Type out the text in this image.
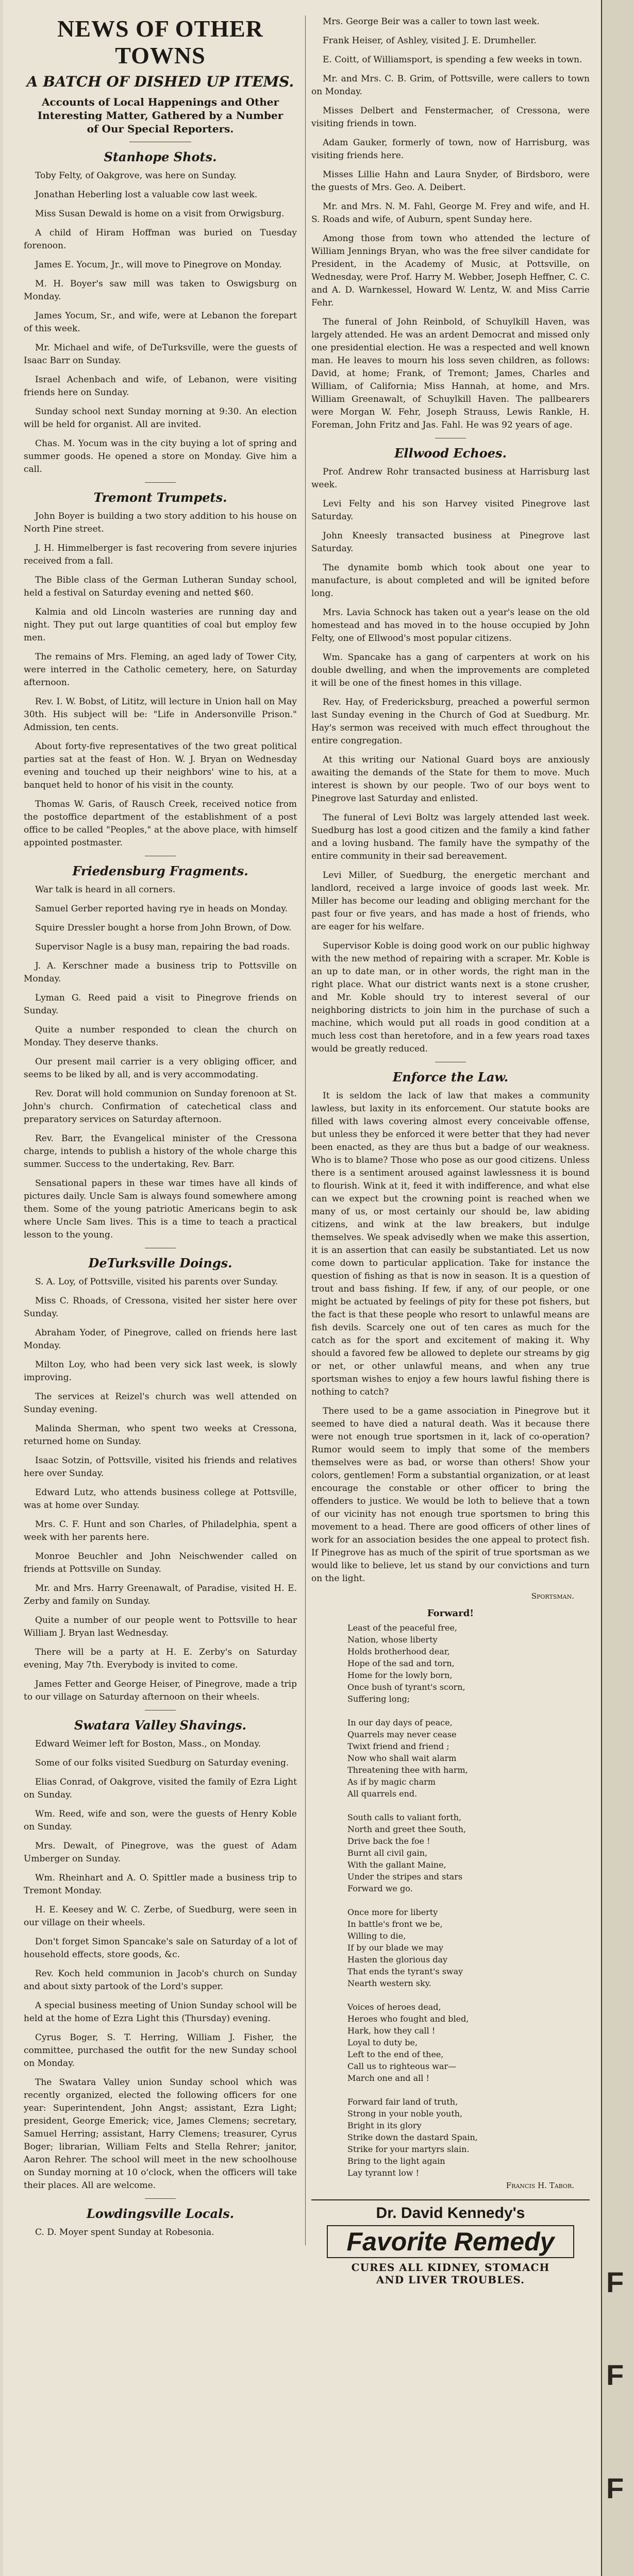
NEWS OF OTHER TOWNS
A BATCH OF DISHED UP ITEMS.
Accounts of Local Happenings and Other Interesting Matter, Gathered by a Number of Our Special Reporters.
Stanhope Shots.

Toby Felty, of Oakgrove, was here on Sunday.

Jonathan Heberling lost a valuable cow last week.

Miss Susan Dewald is home on a visit from Orwigsburg.

A child of Hiram Hoffman was buried on Tuesday forenoon.

James E. Yocum, Jr., will move to Pinegrove on Monday.

M. H. Boyer's saw mill was taken to Oswigsburg on Monday.

James Yocum, Sr., and wife, were at Lebanon the forepart of this week.

Mr. Michael and wife, of DeTurksville, were the guests of Isaac Barr on Sunday.

Israel Achenbach and wife, of Lebanon, were visiting friends here on Sunday.

Sunday school next Sunday morning at 9:30. An election will be held for organist. All are invited.

Chas. M. Yocum was in the city buying a lot of spring and summer goods. He opened a store on Monday. Give him a call.

Tremont Trumpets.

John Boyer is building a two story addition to his house on North Pine street.

J. H. Himmelberger is fast recovering from severe injuries received from a fall.

The Bible class of the German Lutheran Sunday school, held a festival on Saturday evening and netted $60.

Kalmia and old Lincoln wasteries are running day and night. They put out large quantities of coal but employ few men.

The remains of Mrs. Fleming, an aged lady of Tower City, were interred in the Catholic cemetery, here, on Saturday afternoon.

Rev. I. W. Bobst, of Lititz, will lecture in Union hall on May 30th. His subject will be: "Life in Andersonville Prison." Admission, ten cents.

About forty-five representatives of the two great political parties sat at the feast of Hon. W. J. Bryan on Wednesday evening and touched up their neighbors' wine to his, at a banquet held to honor of his visit in the county.

Thomas W. Garis, of Rausch Creek, received notice from the postoffice department of the establishment of a post office to be called "Peoples," at the above place, with himself appointed postmaster.

Friedensburg Fragments.

War talk is heard in all corners.

Samuel Gerber reported having rye in heads on Monday.

Squire Dressler bought a horse from John Brown, of Dow.

Supervisor Nagle is a busy man, repairing the bad roads.

J. A. Kerschner made a business trip to Pottsville on Monday.

Lyman G. Reed paid a visit to Pinegrove friends on Sunday.

Quite a number responded to clean the church on Monday. They deserve thanks.

Our present mail carrier is a very obliging officer, and seems to be liked by all, and is very accommodating.

Rev. Dorat will hold communion on Sunday forenoon at St. John's church. Confirmation of catechetical class and preparatory services on Saturday afternoon.

Rev. Barr, the Evangelical minister of the Cressona charge, intends to publish a history of the whole charge this summer. Success to the undertaking, Rev. Barr.

Sensational papers in these war times have all kinds of pictures daily. Uncle Sam is always found somewhere among them. Some of the young patriotic Americans begin to ask where Uncle Sam lives. This is a time to teach a practical lesson to the young.

DeTurksville Doings.

S. A. Loy, of Pottsville, visited his parents over Sunday.

Miss C. Rhoads, of Cressona, visited her sister here over Sunday.

Abraham Yoder, of Pinegrove, called on friends here last Monday.

Milton Loy, who had been very sick last week, is slowly improving.

The services at Reizel's church was well attended on Sunday evening.

Malinda Sherman, who spent two weeks at Cressona, returned home on Sunday.

Isaac Sotzin, of Pottsville, visited his friends and relatives here over Sunday.

Edward Lutz, who attends business college at Pottsville, was at home over Sunday.

Mrs. C. F. Hunt and son Charles, of Philadelphia, spent a week with her parents here.

Monroe Beuchler and John Neischwender called on friends at Pottsville on Sunday.

Mr. and Mrs. Harry Greenawalt, of Paradise, visited H. E. Zerby and family on Sunday.

Quite a number of our people went to Pottsville to hear William J. Bryan last Wednesday.

There will be a party at H. E. Zerby's on Saturday evening, May 7th. Everybody is invited to come.

James Fetter and George Heiser, of Pinegrove, made a trip to our village on Saturday afternoon on their wheels.

Swatara Valley Shavings.

Edward Weimer left for Boston, Mass., on Monday.

Some of our folks visited Suedburg on Saturday evening.

Elias Conrad, of Oakgrove, visited the family of Ezra Light on Sunday.

Wm. Reed, wife and son, were the guests of Henry Koble on Sunday.

Mrs. Dewalt, of Pinegrove, was the guest of Adam Umberger on Sunday.

Wm. Rheinhart and A. O. Spittler made a business trip to Tremont Monday.

H. E. Keesey and W. C. Zerbe, of Suedburg, were seen in our village on their wheels.

Don't forget Simon Spancake's sale on Saturday of a lot of household effects, store goods, &c.

Rev. Koch held communion in Jacob's church on Sunday and about sixty partook of the Lord's supper.

A special business meeting of Union Sunday school will be held at the home of Ezra Light this (Thursday) evening.

Cyrus Boger, S. T. Herring, William J. Fisher, the committee, purchased the outfit for the new Sunday school on Monday.

The Swatara Valley union Sunday school which was recently organized, elected the following officers for one year: Superintendent, John Angst; assistant, Ezra Light; president, George Emerick; vice, James Clemens; secretary, Samuel Herring; assistant, Harry Clemens; treasurer, Cyrus Boger; librarian, William Felts and Stella Rehrer; janitor, Aaron Rehrer. The school will meet in the new schoolhouse on Sunday morning at 10 o'clock, when the officers will take their places. All are welcome.

Lowdingsville Locals.

C. D. Moyer spent Sunday at Robesonia.

Mrs. George Beir was a caller to town last week.

Frank Heiser, of Ashley, visited J. E. Drumheller.

E. Coitt, of Williamsport, is spending a few weeks in town.

Mr. and Mrs. C. B. Grim, of Pottsville, were callers to town on Monday.

Misses Delbert and Fenstermacher, of Cressona, were visiting friends in town.

Adam Gauker, formerly of town, now of Harrisburg, was visiting friends here.

Misses Lillie Hahn and Laura Snyder, of Birdsboro, were the guests of Mrs. Geo. A. Deibert.

Mr. and Mrs. N. M. Fahl, George M. Frey and wife, and H. S. Roads and wife, of Auburn, spent Sunday here.

Among those from town who attended the lecture of William Jennings Bryan, who was the free silver candidate for President, in the Academy of Music, at Pottsville, on Wednesday, were Prof. Harry M. Webber, Joseph Heffner, C. C. and A. D. Warnkessel, Howard W. Lentz, W. and Miss Carrie Fehr.

The funeral of John Reinbold, of Schuylkill Haven, was largely attended. He was an ardent Democrat and missed only one presidential election. He was a respected and well known man. He leaves to mourn his loss seven children, as follows: David, at home; Frank, of Tremont; James, Charles and William, of California; Miss Hannah, at home, and Mrs. William Greenawalt, of Schuylkill Haven. The pallbearers were Morgan W. Fehr, Joseph Strauss, Lewis Rankle, H. Foreman, John Fritz and Jas. Fahl. He was 92 years of age.

Ellwood Echoes.

Prof. Andrew Rohr transacted business at Harrisburg last week.

Levi Felty and his son Harvey visited Pinegrove last Saturday.

John Kneesly transacted business at Pinegrove last Saturday.

The dynamite bomb which took about one year to manufacture, is about completed and will be ignited before long.

Mrs. Lavia Schnock has taken out a year's lease on the old homestead and has moved in to the house occupied by John Felty, one of Ellwood's most popular citizens.

Wm. Spancake has a gang of carpenters at work on his double dwelling, and when the improvements are completed it will be one of the finest homes in this village.

Rev. Hay, of Fredericksburg, preached a powerful sermon last Sunday evening in the Church of God at Suedburg. Mr. Hay's sermon was received with much effect throughout the entire congregation.

At this writing our National Guard boys are anxiously awaiting the demands of the State for them to move. Much interest is shown by our people. Two of our boys went to Pinegrove last Saturday and enlisted.

The funeral of Levi Boltz was largely attended last week. Suedburg has lost a good citizen and the family a kind father and a loving husband. The family have the sympathy of the entire community in their sad bereavement.

Levi Miller, of Suedburg, the energetic merchant and landlord, received a large invoice of goods last week. Mr. Miller has become our leading and obliging merchant for the past four or five years, and has made a host of friends, who are eager for his welfare.

Supervisor Koble is doing good work on our public highway with the new method of repairing with a scraper. Mr. Koble is an up to date man, or in other words, the right man in the right place. What our district wants next is a stone crusher, and Mr. Koble should try to interest several of our neighboring districts to join him in the purchase of such a machine, which would put all roads in good condition at a much less cost than heretofore, and in a few years road taxes would be greatly reduced.

Enforce the Law.

It is seldom the lack of law that makes a community lawless, but laxity in its enforcement. Our statute books are filled with laws covering almost every conceivable offense, but unless they be enforced it were better that they had never been enacted, as they are thus but a badge of our weakness. Who is to blame? Those who pose as our good citizens. Unless there is a sentiment aroused against lawlessness it is bound to flourish. Wink at it, feed it with indifference, and what else can we expect but the crowning point is reached when we many of us, or most certainly our should be, law abiding citizens, and wink at the law breakers, but indulge themselves. We speak advisedly when we make this assertion, it is an assertion that can easily be substantiated. Let us now come down to particular application. Take for instance the question of fishing as that is now in season. It is a question of trout and bass fishing. If few, if any, of our people, or one might be actuated by feelings of pity for these pot fishers, but the fact is that these people who resort to unlawful means are fish devils. Scarcely one out of ten cares as much for the catch as for the sport and excitement of making it. Why should a favored few be allowed to deplete our streams by gig or net, or other unlawful means, and when any true sportsman wishes to enjoy a few hours lawful fishing there is nothing to catch?

There used to be a game association in Pinegrove but it seemed to have died a natural death. Was it because there were not enough true sportsmen in it, lack of co-operation? Rumor would seem to imply that some of the members themselves were as bad, or worse than others! Show your colors, gentlemen! Form a substantial organization, or at least encourage the constable or other officer to bring the offenders to justice. We would be loth to believe that a town of our vicinity has not enough true sportsmen to bring this movement to a head. There are good officers of other lines of work for an association besides the one appeal to protect fish. If Pinegrove has as much of the spirit of true sportsman as we would like to believe, let us stand by our convictions and turn on the light.

Sportsman.
Forward!
Least of the peaceful free,
Nation, whose liberty
Holds brotherhood dear,
Hope of the sad and torn,
Home for the lowly born,
Once bush of tyrant's scorn,
Suffering long;

In our day days of peace,
Quarrels may never cease
Twixt friend and friend ;
Now who shall wait alarm
Threatening thee with harm,
As if by magic charm
All quarrels end.

South calls to valiant forth,
North and greet thee South,
Drive back the foe !
Burnt all civil gain,
With the gallant Maine,
Under the stripes and stars
Forward we go.

Once more for liberty
In battle's front we be,
Willing to die,
If by our blade we may
Hasten the glorious day
That ends the tyrant's sway
Nearth western sky.

Voices of heroes dead,
Heroes who fought and bled,
Hark, how they call !
Loyal to duty be,
Left to the end of thee,
Call us to righteous war—
March one and all !

Forward fair land of truth,
Strong in your noble youth,
Bright in its glory
Strike down the dastard Spain,
Strike for your martyrs slain.
Bring to the light again
Lay tyrannt low !
Francis H. Tabor.
Dr. David Kennedy's
Favorite Remedy
CURES ALL KIDNEY, STOMACH
AND LIVER TROUBLES.	F
F
F
